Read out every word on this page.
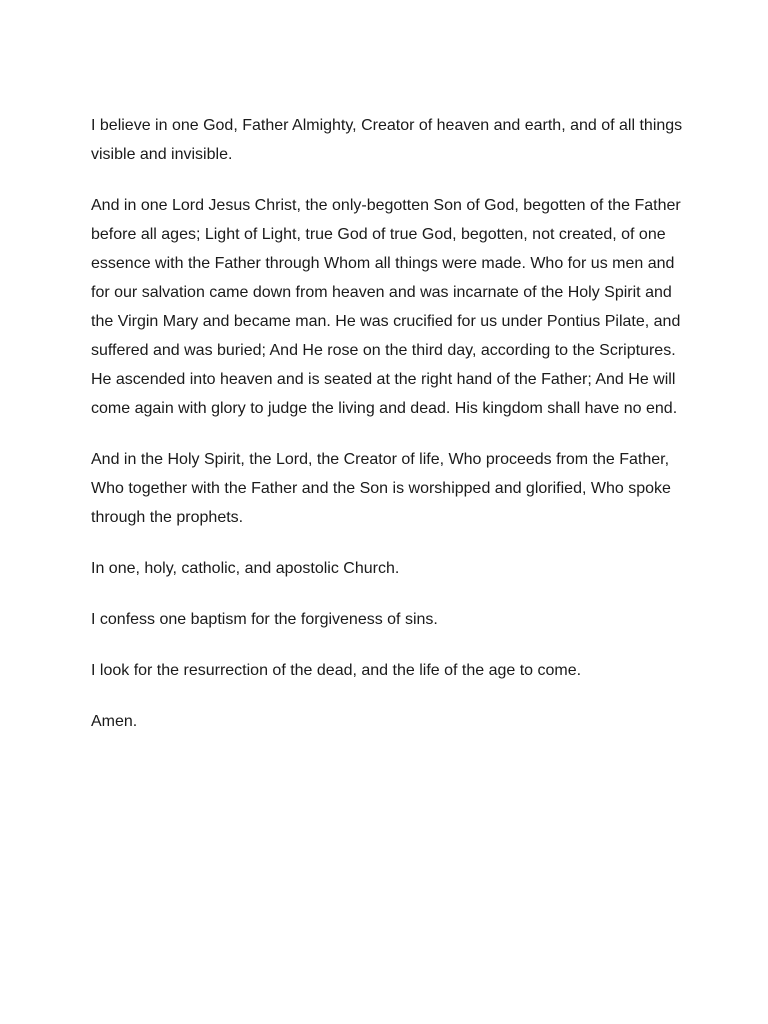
I believe in one God, Father Almighty, Creator of heaven and earth, and of all things visible and invisible.

And in one Lord Jesus Christ, the only-begotten Son of God, begotten of the Father before all ages; Light of Light, true God of true God, begotten, not created, of one essence with the Father through Whom all things were made. Who for us men and for our salvation came down from heaven and was incarnate of the Holy Spirit and the Virgin Mary and became man. He was crucified for us under Pontius Pilate, and suffered and was buried; And He rose on the third day, according to the Scriptures. He ascended into heaven and is seated at the right hand of the Father; And He will come again with glory to judge the living and dead. His kingdom shall have no end.

And in the Holy Spirit, the Lord, the Creator of life, Who proceeds from the Father, Who together with the Father and the Son is worshipped and glorified, Who spoke through the prophets.

In one, holy, catholic, and apostolic Church.

I confess one baptism for the forgiveness of sins.

I look for the resurrection of the dead, and the life of the age to come.

Amen.
